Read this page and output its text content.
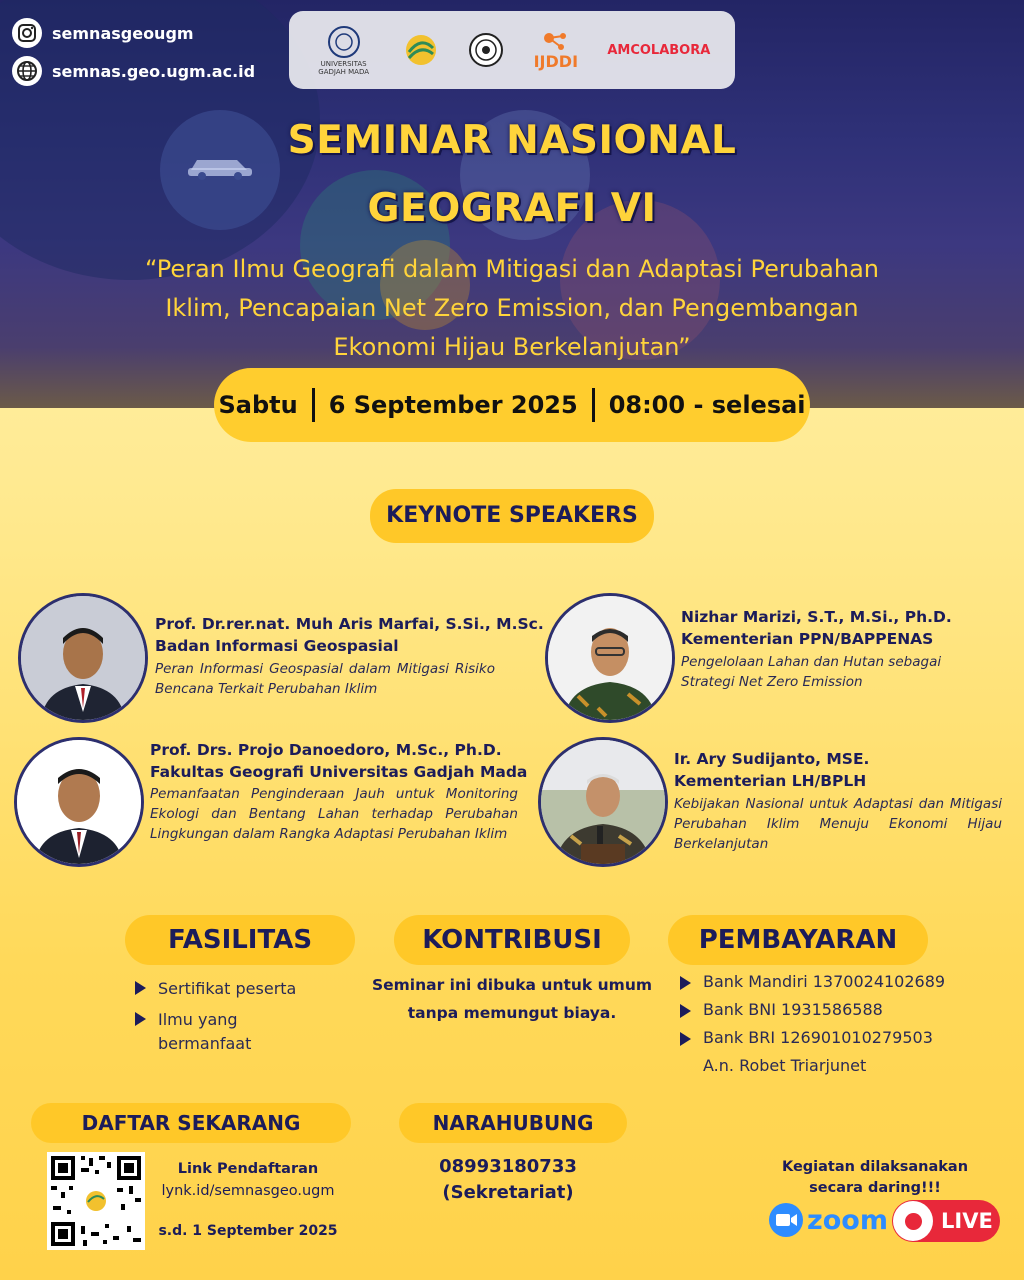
semnasgeougm
semnas.geo.ugm.ac.id	UNIVERSITAS GADJAH MADA
IJDDI
AMCOLABORA
SEMINAR NASIONAL
GEOGRAFI VI
“Peran Ilmu Geografi dalam Mitigasi dan Adaptasi Perubahan
Iklim, Pencapaian Net Zero Emission, dan Pengembangan
Ekonomi Hijau Berkelanjutan”
Sabtu 6 September 2025 08:00 - selesai
KEYNOTE SPEAKERS
Prof. Dr.rer.nat. Muh Aris Marfai, S.Si., M.Sc.
Badan Informasi Geospasial
Peran Informasi Geospasial dalam Mitigasi Risiko Bencana Terkait Perubahan Iklim
Nizhar Marizi, S.T., M.Si., Ph.D.
Kementerian PPN/BAPPENAS
Pengelolaan Lahan dan Hutan sebagai Strategi Net Zero Emission
Prof. Drs. Projo Danoedoro, M.Sc., Ph.D.
Fakultas Geografi Universitas Gadjah Mada
Pemanfaatan Penginderaan Jauh untuk Monitoring Ekologi dan Bentang Lahan terhadap Perubahan Lingkungan dalam Rangka Adaptasi Perubahan Iklim
Ir. Ary Sudijanto, MSE.
Kementerian LH/BPLH
Kebijakan Nasional untuk Adaptasi dan Mitigasi Perubahan Iklim Menuju Ekonomi Hijau Berkelanjutan
FASILITAS
Sertifikat peserta
Ilmu yang bermanfaat
KONTRIBUSI
Seminar ini dibuka untuk umum
tanpa memungut biaya.
PEMBAYARAN
Bank Mandiri 1370024102689
Bank BNI 1931586588
Bank BRI 126901010279503
A.n. Robet Triarjunet
DAFTAR SEKARANG
Link Pendaftaran
lynk.id/semnasgeo.ugm
s.d. 1 September 2025
NARAHUBUNG
08993180733
(Sekretariat)
Kegiatan dilaksanakan
secara daring!!!
zoom	LIVE
